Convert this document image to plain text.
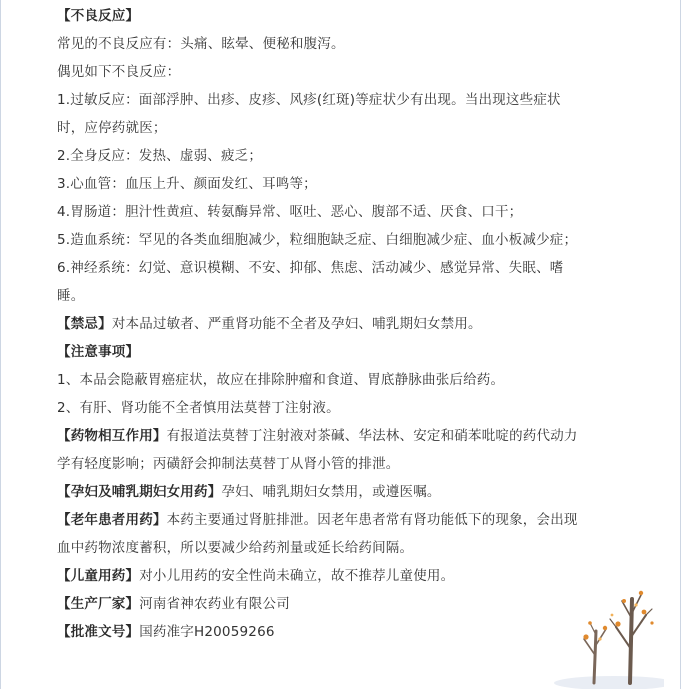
【不良反应】
常见的不良反应有：头痛、眩晕、便秘和腹泻。
偶见如下不良反应：
1.过敏反应：面部浮肿、出疹、皮疹、风疹(红斑)等症状少有出现。当出现这些症状
时，应停药就医；
2.全身反应：发热、虚弱、疲乏；
3.心血管：血压上升、颜面发红、耳鸣等；
4.胃肠道：胆汁性黄疸、转氨酶异常、呕吐、恶心、腹部不适、厌食、口干；
5.造血系统：罕见的各类血细胞减少，粒细胞缺乏症、白细胞减少症、血小板减少症；
6.神经系统：幻觉、意识模糊、不安、抑郁、焦虑、活动减少、感觉异常、失眠、嗜
睡。
【禁忌】对本品过敏者、严重肾功能不全者及孕妇、哺乳期妇女禁用。
【注意事项】
1、本品会隐蔽胃癌症状，故应在排除肿瘤和食道、胃底静脉曲张后给药。
2、有肝、肾功能不全者慎用法莫替丁注射液。
【药物相互作用】有报道法莫替丁注射液对茶碱、华法林、安定和硝苯吡啶的药代动力
学有轻度影响；丙磺舒会抑制法莫替丁从肾小管的排泄。
【孕妇及哺乳期妇女用药】孕妇、哺乳期妇女禁用，或遵医嘱。
【老年患者用药】本药主要通过肾脏排泄。因老年患者常有肾功能低下的现象，会出现
血中药物浓度蓄积，所以要减少给药剂量或延长给药间隔。
【儿童用药】对小儿用药的安全性尚未确立，故不推荐儿童使用。
【生产厂家】河南省神农药业有限公司
【批准文号】国药准字H20059266
